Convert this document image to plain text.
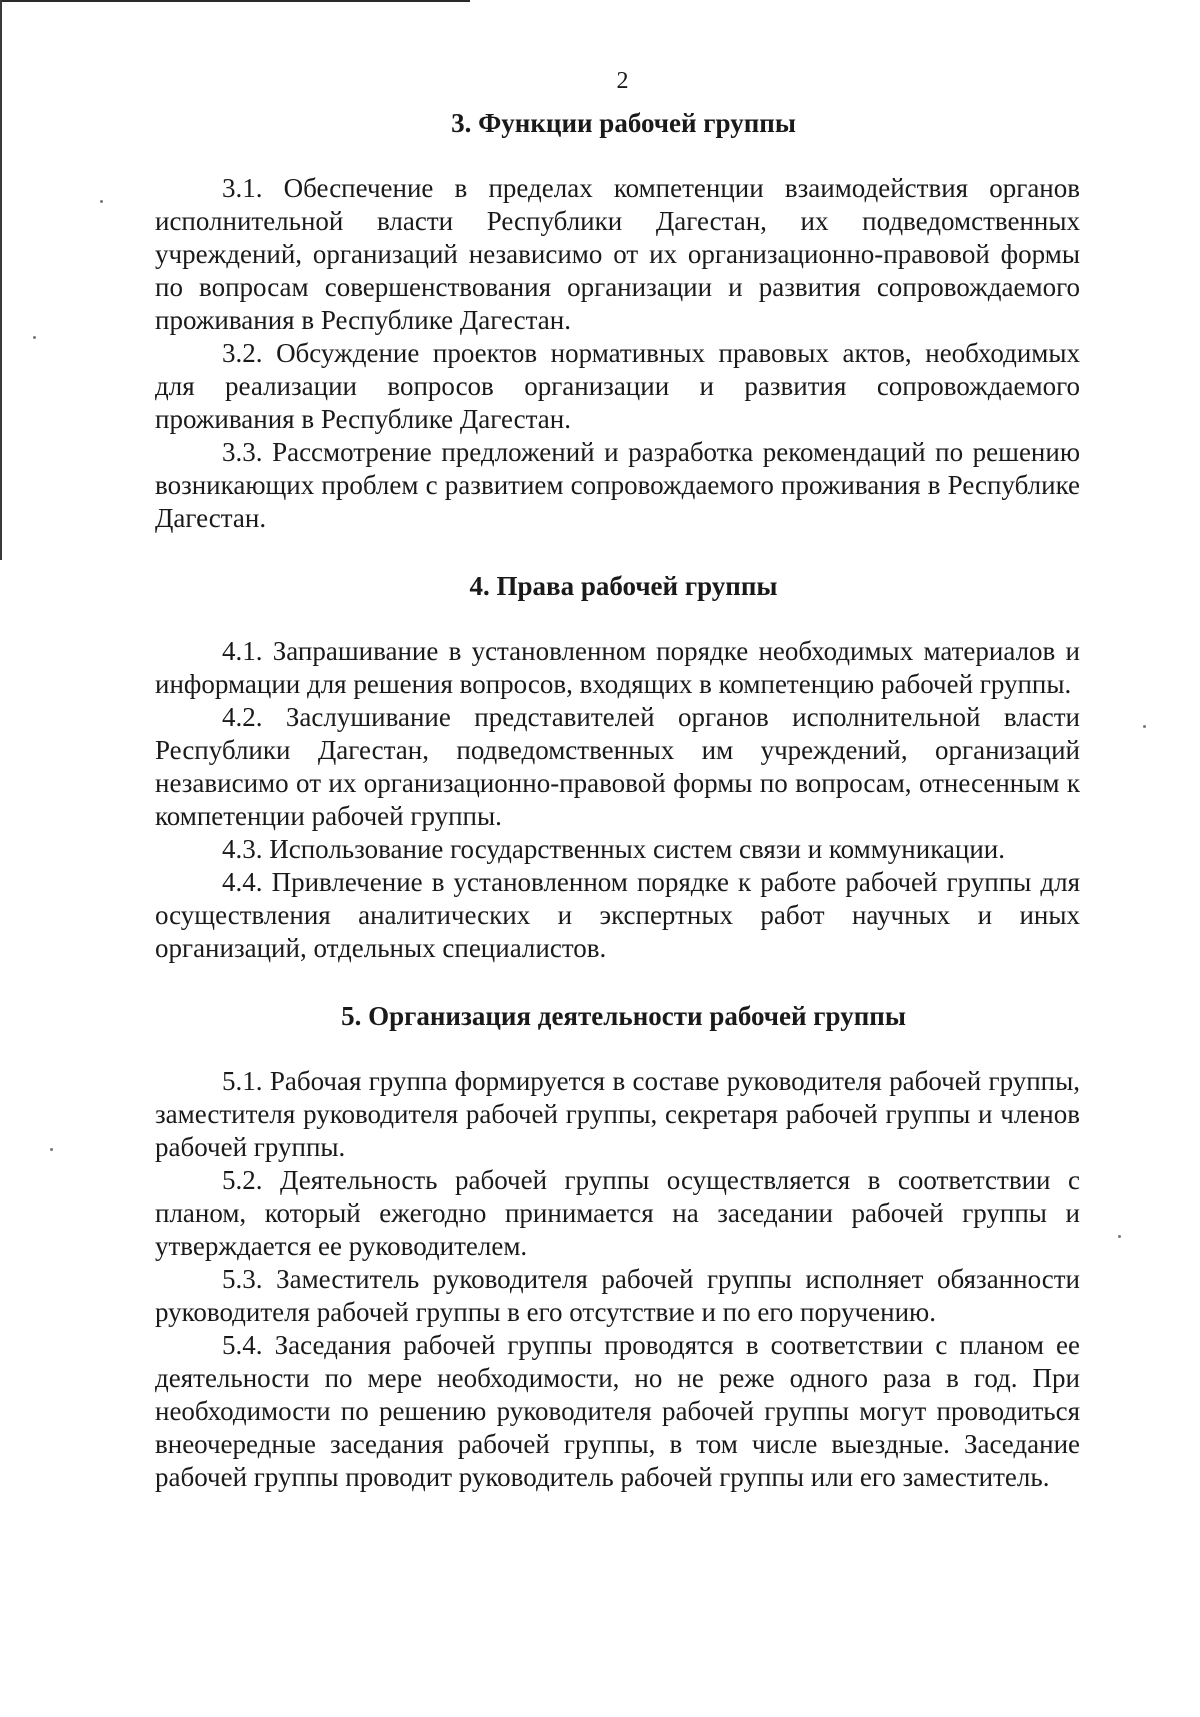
2
3. Функции рабочей группы

3.1. Обеспечение в пределах компетенции взаимодействия органов исполнительной власти Республики Дагестан, их подведомственных учреждений, организаций независимо от их организационно-правовой формы по вопросам совершенствования организации и развития сопровождаемого проживания в Республике Дагестан.

3.2. Обсуждение проектов нормативных правовых актов, необходимых для реализации вопросов организации и развития сопровождаемого проживания в Республике Дагестан.

3.3. Рассмотрение предложений и разработка рекомендаций по решению возникающих проблем с развитием сопровождаемого проживания в Республике Дагестан.

4. Права рабочей группы

4.1. Запрашивание в установленном порядке необходимых материалов и информации для решения вопросов, входящих в компетенцию рабочей группы.

4.2. Заслушивание представителей органов исполнительной власти Республики Дагестан, подведомственных им учреждений, организаций независимо от их организационно-правовой формы по вопросам, отнесенным к компетенции рабочей группы.

4.3. Использование государственных систем связи и коммуникации.

4.4. Привлечение в установленном порядке к работе рабочей группы для осуществления аналитических и экспертных работ научных и иных организаций, отдельных специалистов.

5. Организация деятельности рабочей группы

5.1. Рабочая группа формируется в составе руководителя рабочей группы, заместителя руководителя рабочей группы, секретаря рабочей группы и членов рабочей группы.

5.2. Деятельность рабочей группы осуществляется в соответствии с планом, который ежегодно принимается на заседании рабочей группы и утверждается ее руководителем.

5.3. Заместитель руководителя рабочей группы исполняет обязанности руководителя рабочей группы в его отсутствие и по его поручению.

5.4. Заседания рабочей группы проводятся в соответствии с планом ее деятельности по мере необходимости, но не реже одного раза в год. При необходимости по решению руководителя рабочей группы могут проводиться внеочередные заседания рабочей группы, в том числе выездные. Заседание рабочей группы проводит руководитель рабочей группы или его заместитель.
